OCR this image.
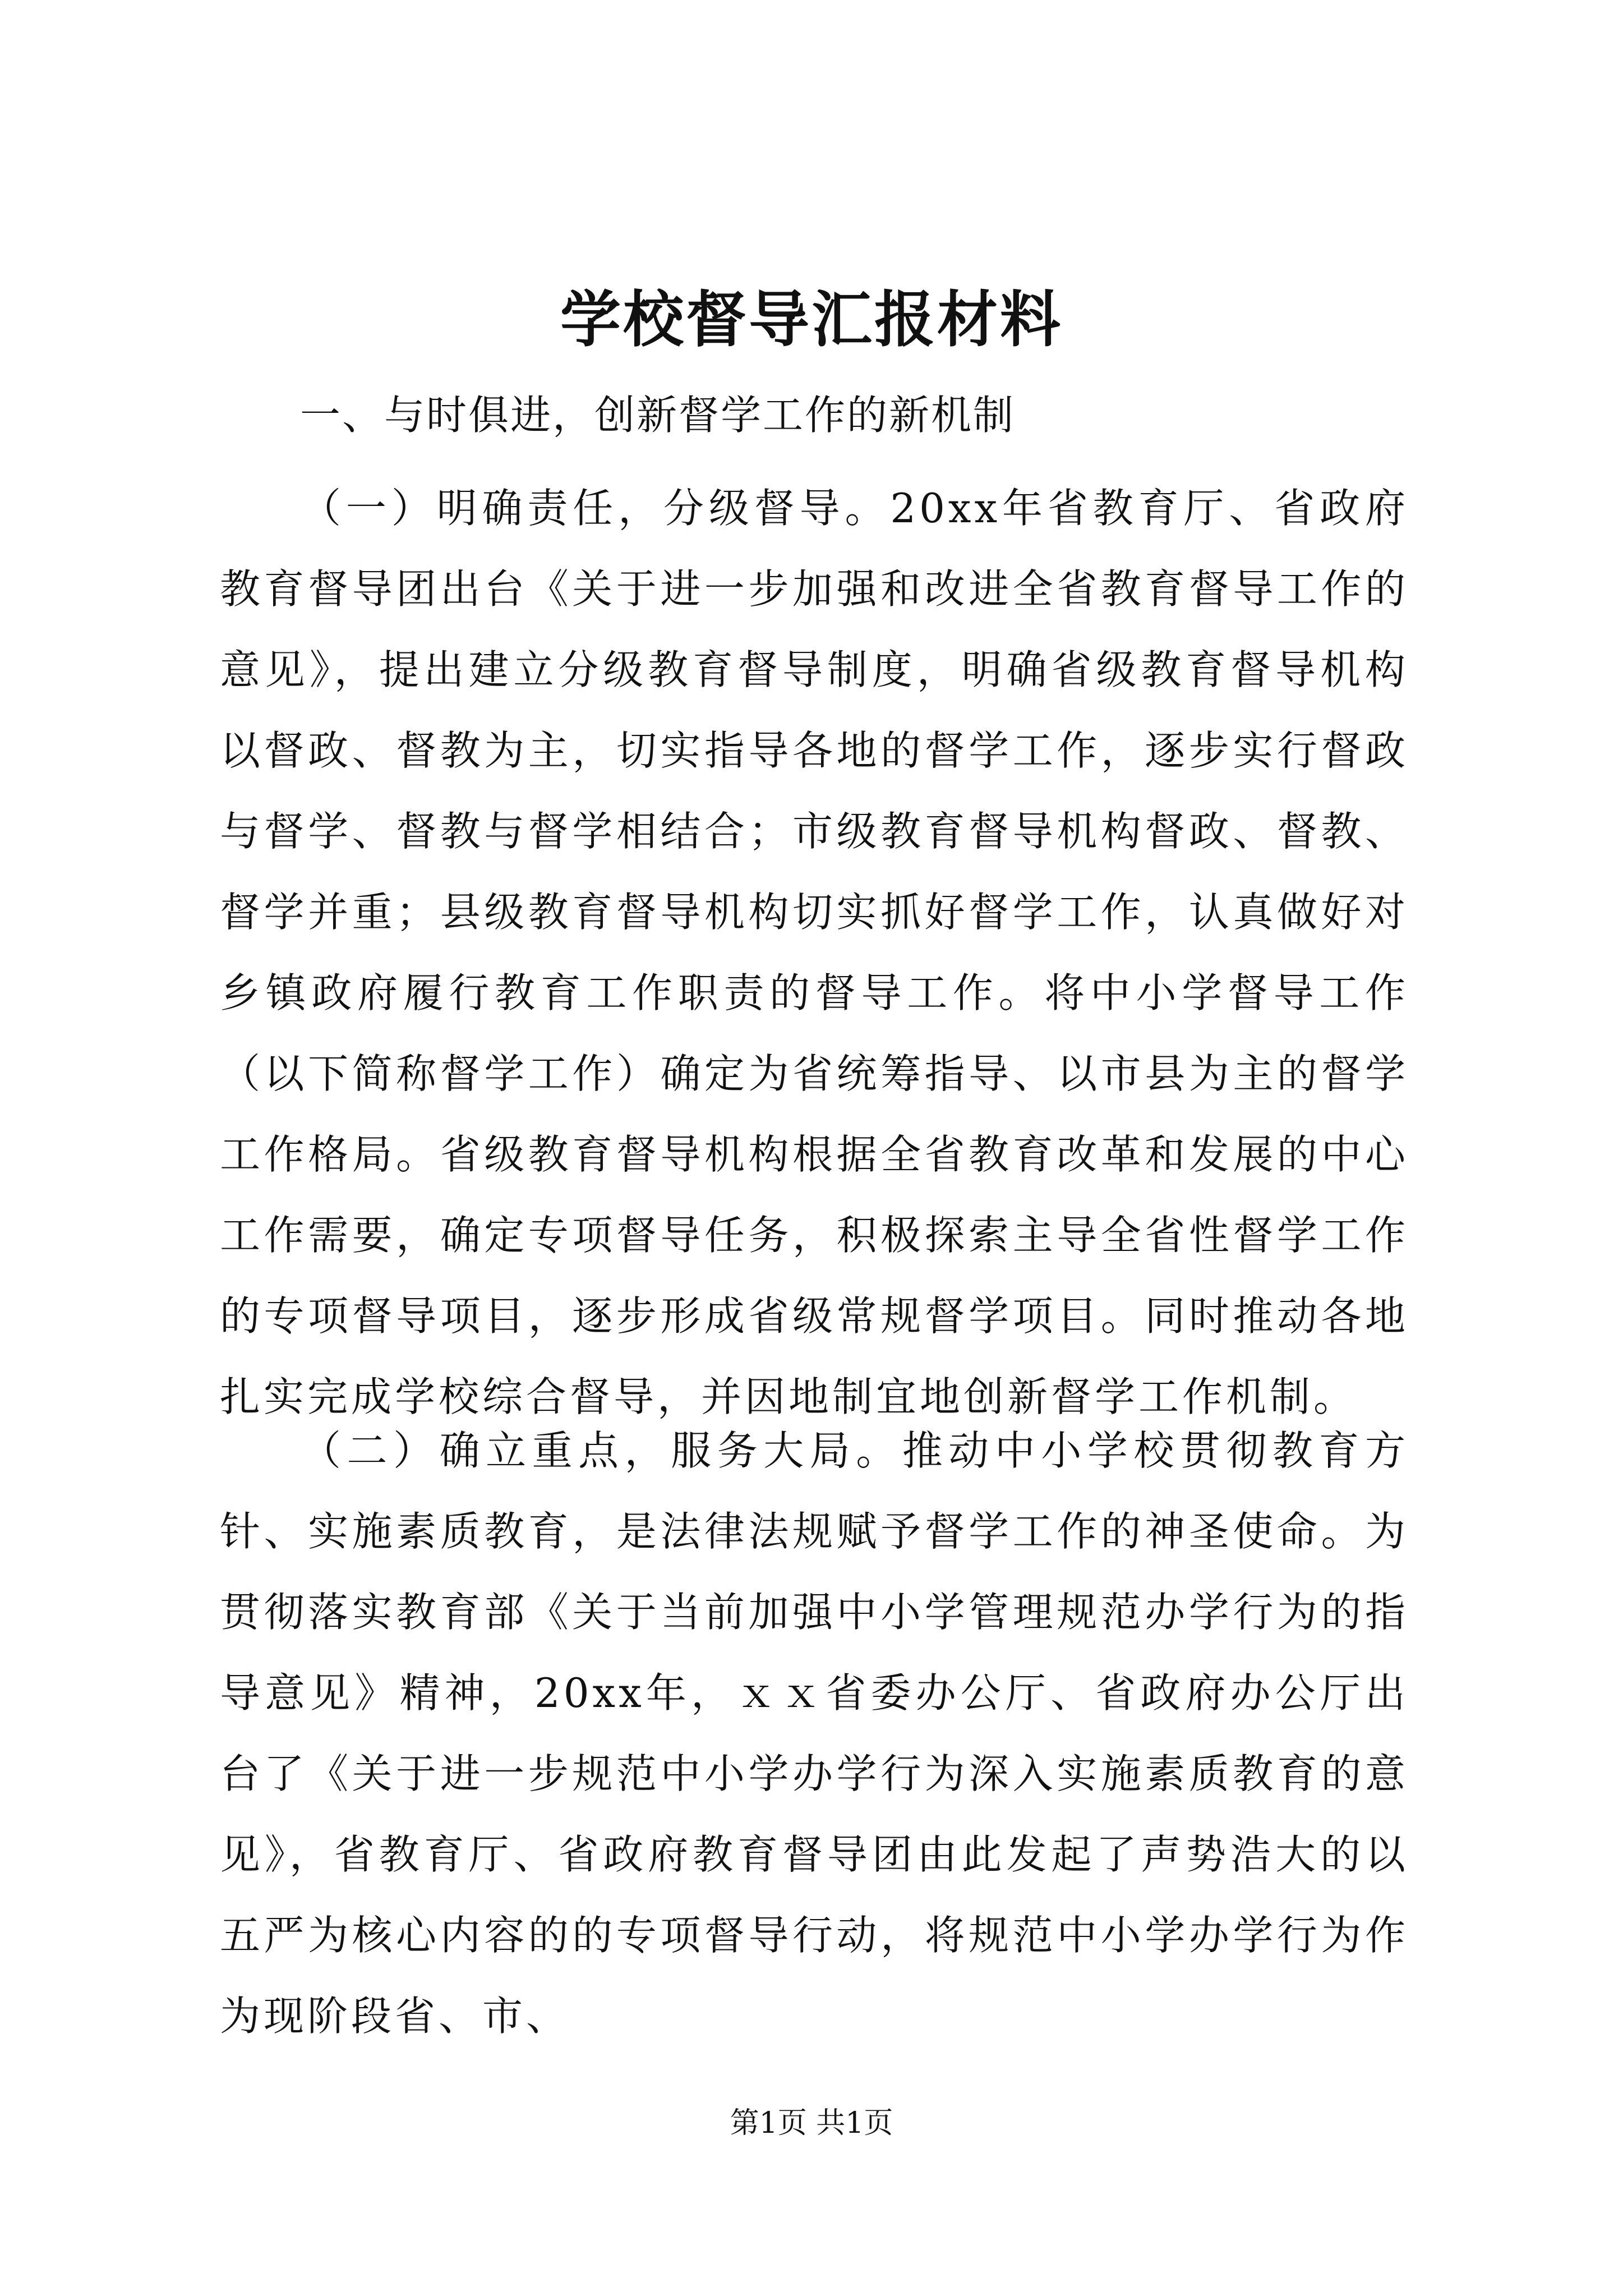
学校督导汇报材料

一、与时俱进，创新督学工作的新机制

（一）明确责任，分级督导。20xx年省教育厅、省政府教育督导团出台《关于进一步加强和改进全省教育督导工作的意见》，提出建立分级教育督导制度，明确省级教育督导机构以督政、督教为主，切实指导各地的督学工作，逐步实行督政与督学、督教与督学相结合；市级教育督导机构督政、督教、督学并重；县级教育督导机构切实抓好督学工作，认真做好对乡镇政府履行教育工作职责的督导工作。将中小学督导工作（以下简称督学工作）确定为省统筹指导、以市县为主的督学工作格局。省级教育督导机构根据全省教育改革和发展的中心工作需要，确定专项督导任务，积极探索主导全省性督学工作的专项督导项目，逐步形成省级常规督学项目。同时推动各地扎实完成学校综合督导，并因地制宜地创新督学工作机制。

（二）确立重点，服务大局。推动中小学校贯彻教育方针、实施素质教育，是法律法规赋予督学工作的神圣使命。为贯彻落实教育部《关于当前加强中小学管理规范办学行为的指导意见》精神，20xx年，ｘｘ省委办公厅、省政府办公厅出台了《关于进一步规范中小学办学行为深入实施素质教育的意见》，省教育厅、省政府教育督导团由此发起了声势浩大的以五严为核心内容的的专项督导行动，将规范中小学办学行为作为现阶段省、市、

第1页 共1页
